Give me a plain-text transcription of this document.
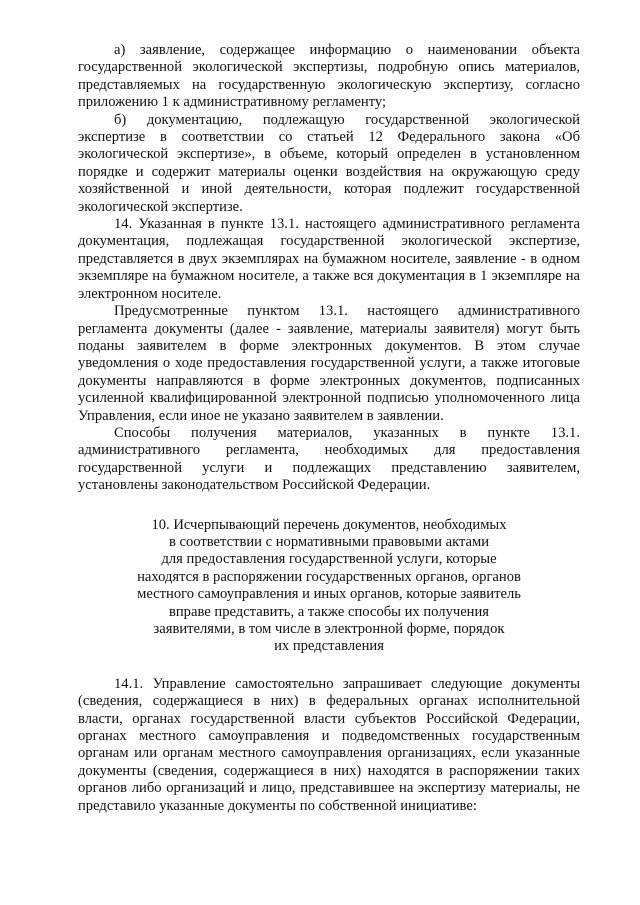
а) заявление, содержащее информацию о наименовании объекта государственной экологической экспертизы, подробную опись материалов, представляемых на государственную экологическую экспертизу, согласно приложению 1 к административному регламенту;

б) документацию, подлежащую государственной экологической экспертизе в соответствии со статьей 12 Федерального закона «Об экологической экспертизе», в объеме, который определен в установленном порядке и содержит материалы оценки воздействия на окружающую среду хозяйственной и иной деятельности, которая подлежит государственной экологической экспертизе.

14. Указанная в пункте 13.1. настоящего административного регламента документация, подлежащая государственной экологической экспертизе, представляется в двух экземплярах на бумажном носителе, заявление - в одном экземпляре на бумажном носителе, а также вся документация в 1 экземпляре на электронном носителе.

Предусмотренные пунктом 13.1. настоящего административного регламента документы (далее - заявление, материалы заявителя) могут быть поданы заявителем в форме электронных документов. В этом случае уведомления о ходе предоставления государственной услуги, а также итоговые документы направляются в форме электронных документов, подписанных усиленной квалифицированной электронной подписью уполномоченного лица Управления, если иное не указано заявителем в заявлении.

Способы получения материалов, указанных в пункте 13.1. административного регламента, необходимых для предоставления государственной услуги и подлежащих представлению заявителем, установлены законодательством Российской Федерации.

10. Исчерпывающий перечень документов, необходимых
в соответствии с нормативными правовыми актами
для предоставления государственной услуги, которые
находятся в распоряжении государственных органов, органов
местного самоуправления и иных органов, которые заявитель
вправе представить, а также способы их получения
заявителями, в том числе в электронной форме, порядок
их представления

14.1. Управление самостоятельно запрашивает следующие документы (сведения, содержащиеся в них) в федеральных органах исполнительной власти, органах государственной власти субъектов Российской Федерации, органах местного самоуправления и подведомственных государственным органам или органам местного самоуправления организациях, если указанные документы (сведения, содержащиеся в них) находятся в распоряжении таких органов либо организаций и лицо, представившее на экспертизу материалы, не представило указанные документы по собственной инициативе:
